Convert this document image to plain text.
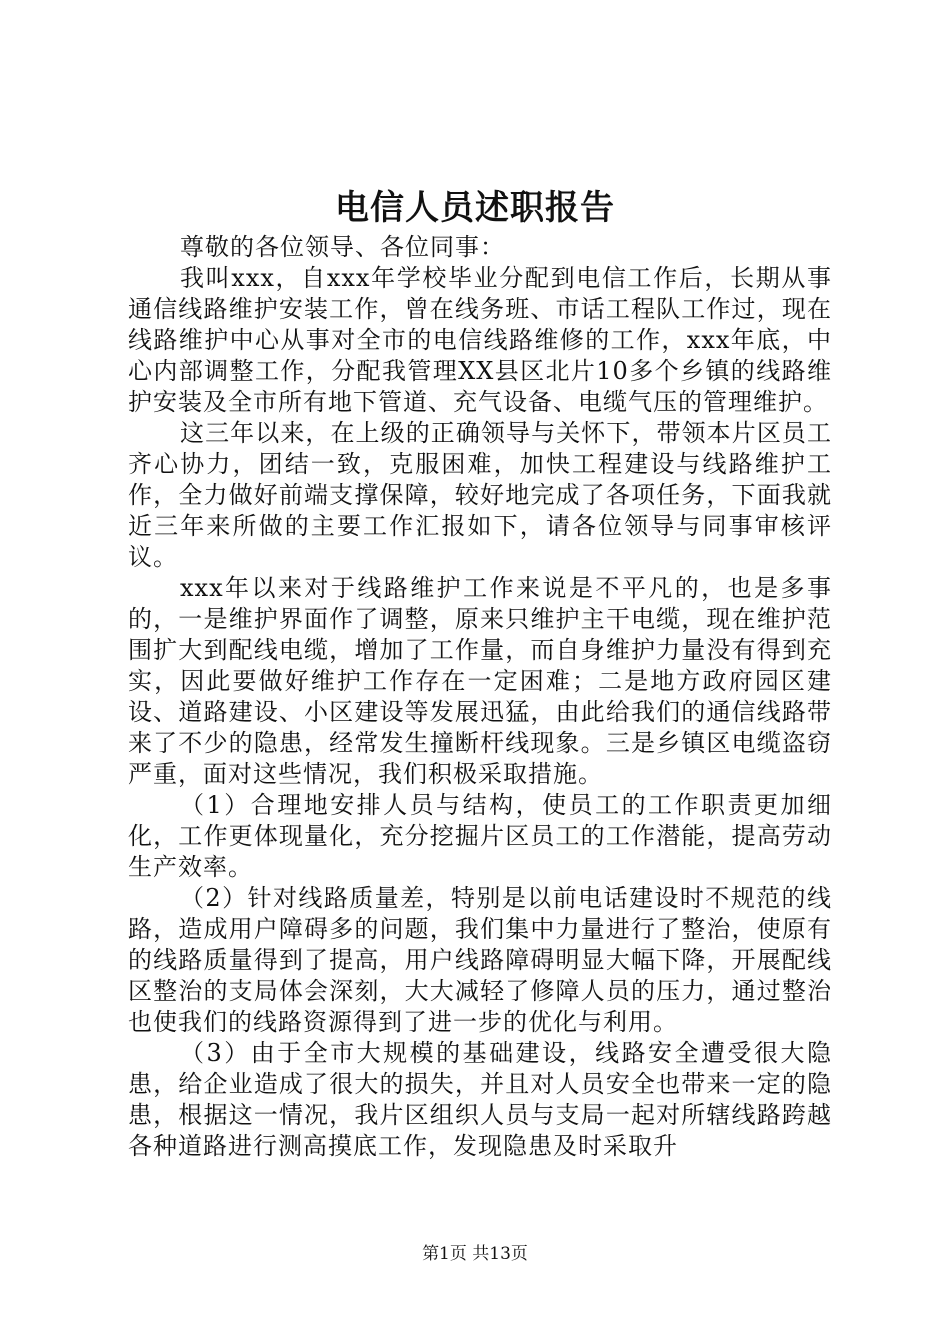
电信人员述职报告

尊敬的各位领导、各位同事：

我叫xxx，自xxx年学校毕业分配到电信工作后，长期从事通信线路维护安装工作，曾在线务班、市话工程队工作过，现在线路维护中心从事对全市的电信线路维修的工作，xxx年底，中心内部调整工作，分配我管理XX县区北片10多个乡镇的线路维护安装及全市所有地下管道、充气设备、电缆气压的管理维护。

这三年以来，在上级的正确领导与关怀下，带领本片区员工齐心协力，团结一致，克服困难，加快工程建设与线路维护工作，全力做好前端支撑保障，较好地完成了各项任务，下面我就近三年来所做的主要工作汇报如下，请各位领导与同事审核评议。

xxx年以来对于线路维护工作来说是不平凡的，也是多事的，一是维护界面作了调整，原来只维护主干电缆，现在维护范围扩大到配线电缆，增加了工作量，而自身维护力量没有得到充实，因此要做好维护工作存在一定困难；二是地方政府园区建设、道路建设、小区建设等发展迅猛，由此给我们的通信线路带来了不少的隐患，经常发生撞断杆线现象。三是乡镇区电缆盗窃严重，面对这些情况，我们积极采取措施。

（1）合理地安排人员与结构，使员工的工作职责更加细化，工作更体现量化，充分挖掘片区员工的工作潜能，提高劳动生产效率。

（2）针对线路质量差，特别是以前电话建设时不规范的线路，造成用户障碍多的问题，我们集中力量进行了整治，使原有的线路质量得到了提高，用户线路障碍明显大幅下降，开展配线区整治的支局体会深刻，大大减轻了修障人员的压力，通过整治也使我们的线路资源得到了进一步的优化与利用。

（3）由于全市大规模的基础建设，线路安全遭受很大隐患，给企业造成了很大的损失，并且对人员安全也带来一定的隐患，根据这一情况，我片区组织人员与支局一起对所辖线路跨越各种道路进行测高摸底工作，发现隐患及时采取升

第1页 共13页
